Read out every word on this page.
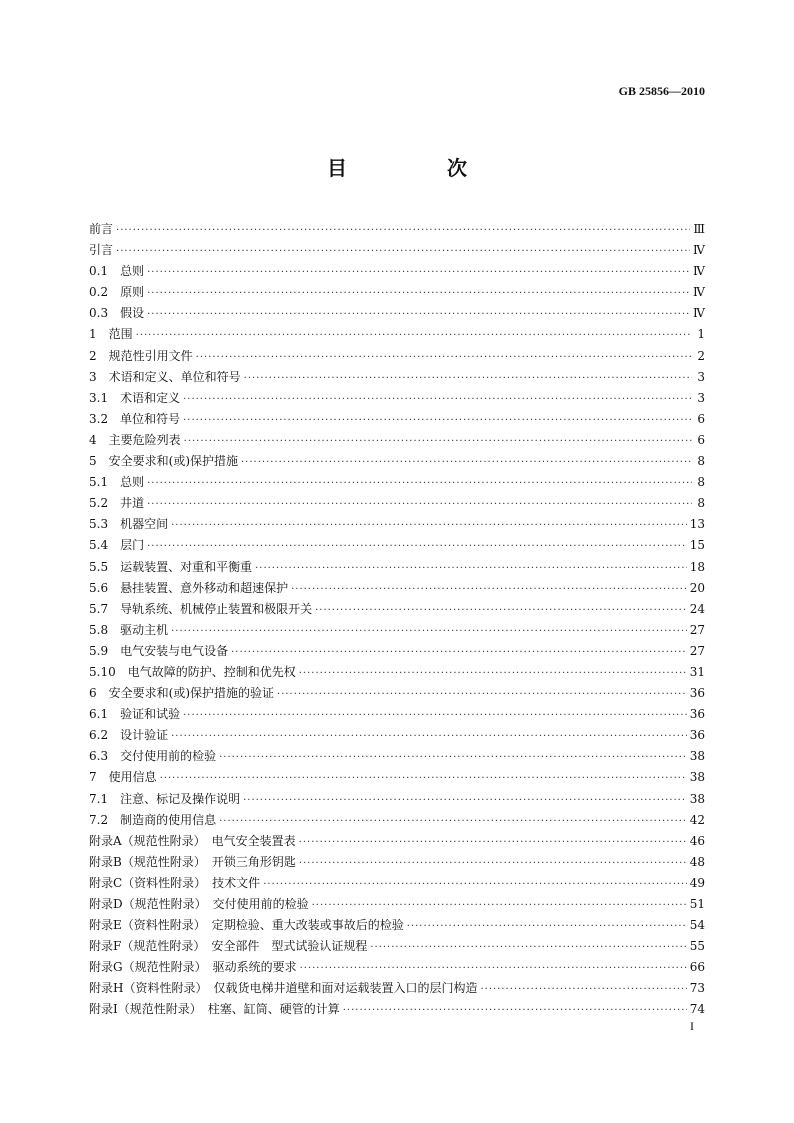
GB 25856—2010
目　次
前言 ·····	Ⅲ
引言 ·····	Ⅳ
0.1　总则 ·····	Ⅳ
0.2　原则 ·····	Ⅳ
0.3　假设 ·····	Ⅳ
1　范围 ·····	1
2　规范性引用文件 ·····	2
3　术语和定义、单位和符号 ·····	3
3.1　术语和定义 ·····	3
3.2　单位和符号 ·····	6
4　主要危险列表 ·····	6
5　安全要求和(或)保护措施 ·····	8
5.1　总则 ·····	8
5.2　井道 ·····	8
5.3　机器空间 ·····	13
5.4　层门 ·····	15
5.5　运载装置、对重和平衡重 ·····	18
5.6　悬挂装置、意外移动和超速保护 ·····	20
5.7　导轨系统、机械停止装置和极限开关 ·····	24
5.8　驱动主机 ·····	27
5.9　电气安装与电气设备 ·····	27
5.10　电气故障的防护、控制和优先权 ·····	31
6　安全要求和(或)保护措施的验证 ·····	36
6.1　验证和试验 ·····	36
6.2　设计验证 ·····	36
6.3　交付使用前的检验 ·····	38
7　使用信息 ·····	38
7.1　注意、标记及操作说明 ·····	38
7.2　制造商的使用信息 ·····	42
附录A（规范性附录）　电气安全装置表 ·····	46
附录B（规范性附录）　开锁三角形钥匙 ·····	48
附录C（资料性附录）　技术文件 ·····	49
附录D（规范性附录）　交付使用前的检验 ·····	51
附录E（资料性附录）　定期检验、重大改装或事故后的检验 ·····	54
附录F（规范性附录）　安全部件　型式试验认证规程 ·····	55
附录G（规范性附录）　驱动系统的要求 ·····	66
附录H（资料性附录）　仅载货电梯井道壁和面对运载装置入口的层门构造 ·····	73
附录I（规范性附录）　柱塞、缸筒、硬管的计算 ·····	74
I
